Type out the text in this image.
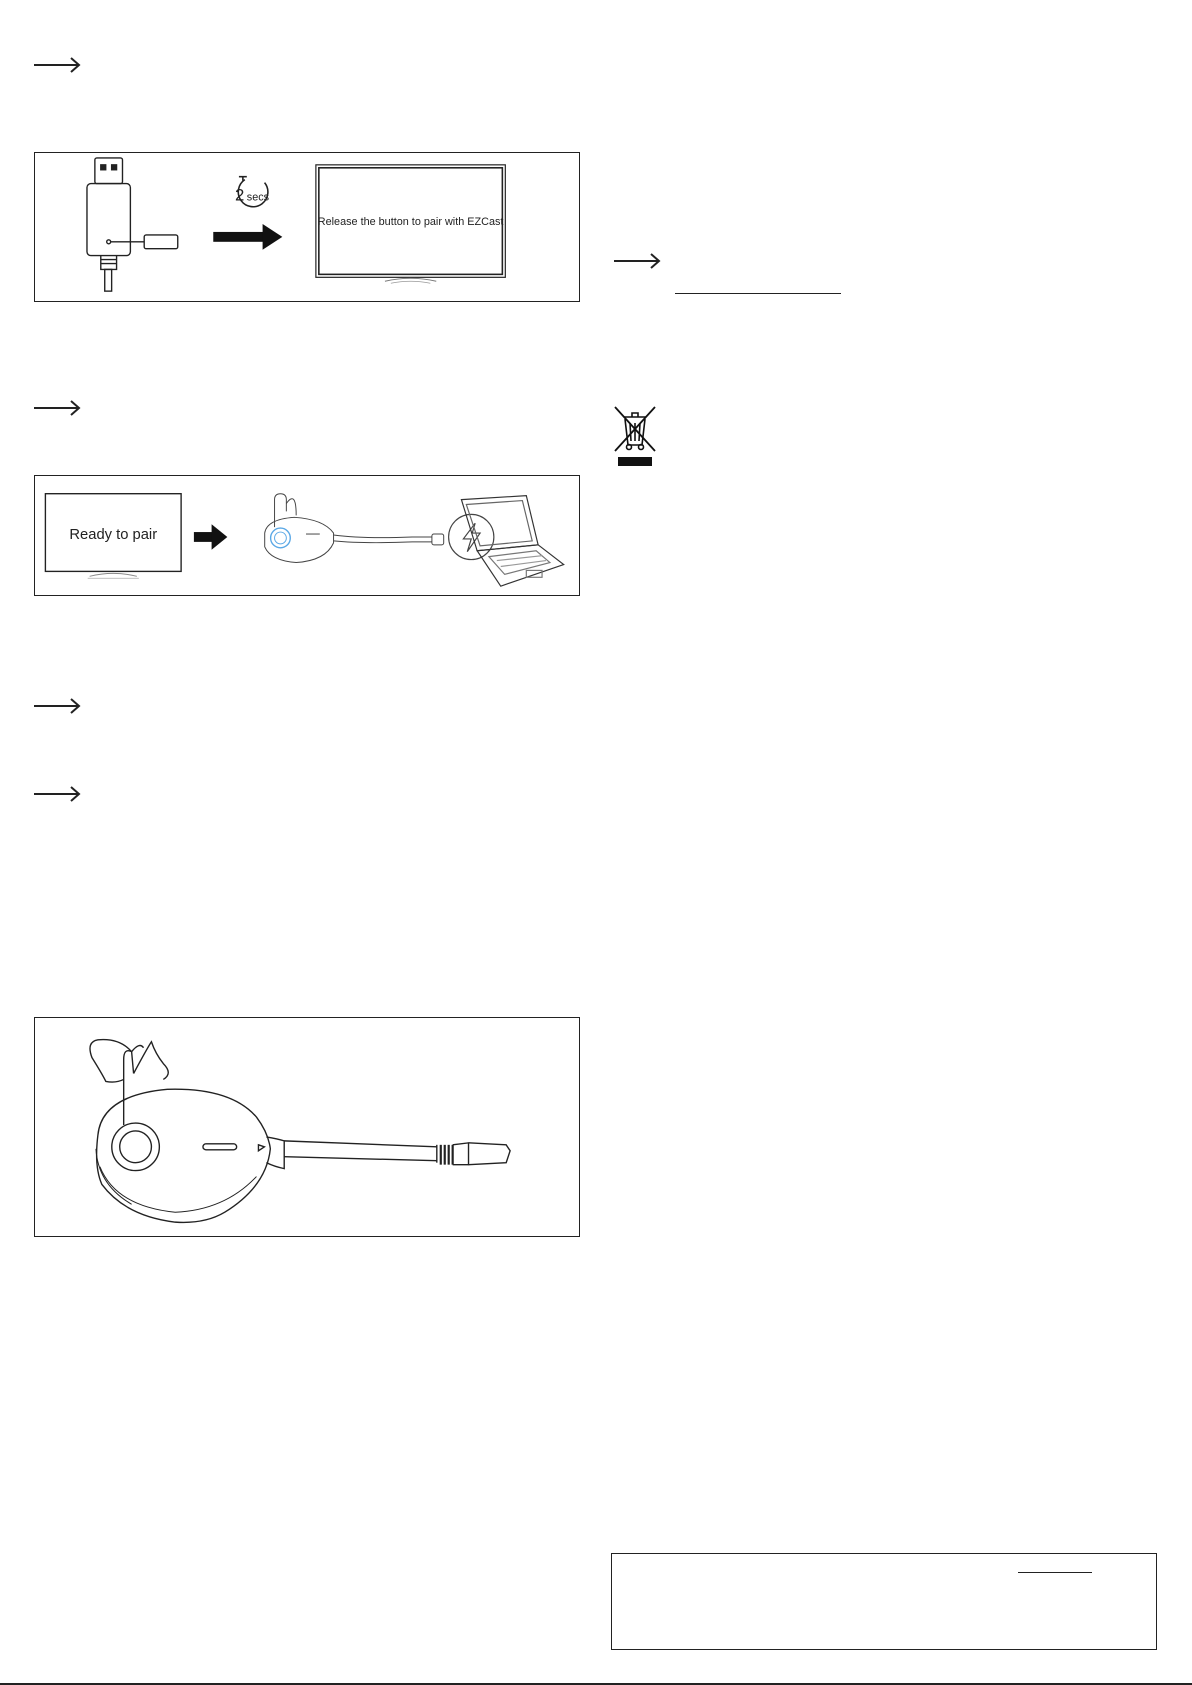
2 secs
Release the button to pair with EZCast
Ready to pair
